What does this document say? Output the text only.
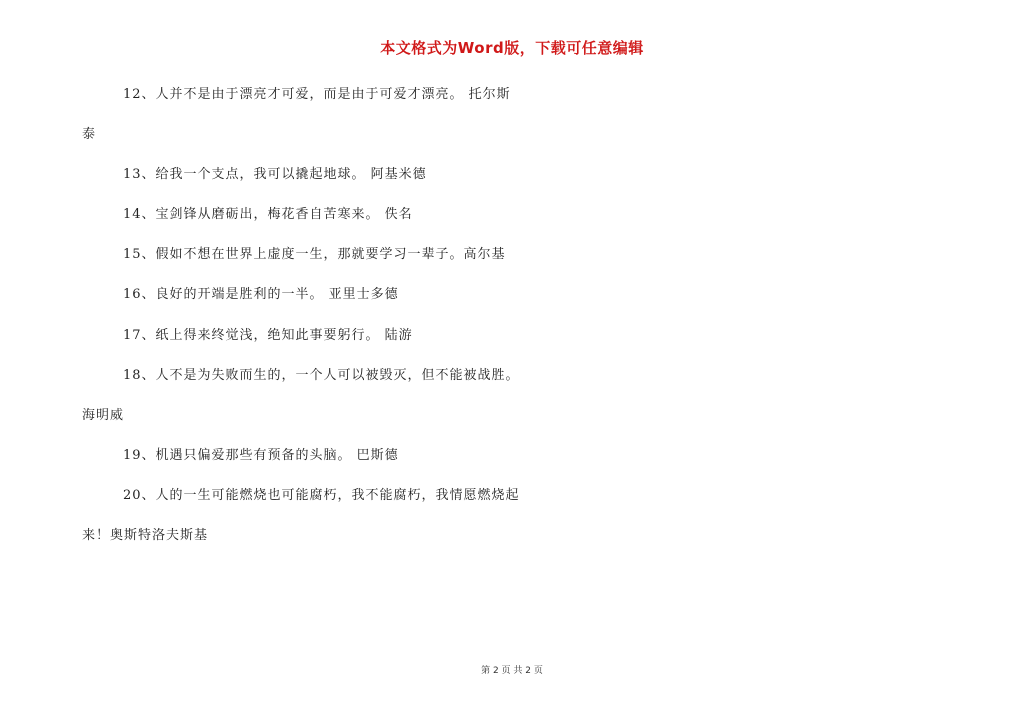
本文格式为Word版，下载可任意编辑
12、人并不是由于漂亮才可爱，而是由于可爱才漂亮。 托尔斯
泰
13、给我一个支点，我可以撬起地球。 阿基米德
14、宝剑锋从磨砺出，梅花香自苦寒来。 佚名
15、假如不想在世界上虚度一生，那就要学习一辈子。高尔基
16、良好的开端是胜利的一半。 亚里士多德
17、纸上得来终觉浅，绝知此事要躬行。 陆游
18、人不是为失败而生的，一个人可以被毁灭，但不能被战胜。
海明威
19、机遇只偏爱那些有预备的头脑。 巴斯德
20、人的一生可能燃烧也可能腐朽，我不能腐朽，我情愿燃烧起
来！奥斯特洛夫斯基
第 2 页 共 2 页
